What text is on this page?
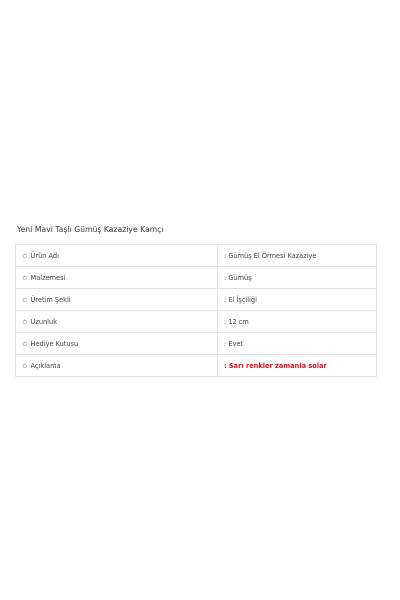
Yeni Mavi Taşlı Gümüş Kazaziye Kamçı
✩ Ürün Adı	: Gümüş El Örmesi Kazaziye
✩ Malzemesi	: Gümüş
✩ Üretim Şekli	: El İşçiliği
✩ Uzunluk	: 12 cm
✩ Hediye Kutusu	: Evet
✩ Açıklama	: Sarı renkler zamanla solar
